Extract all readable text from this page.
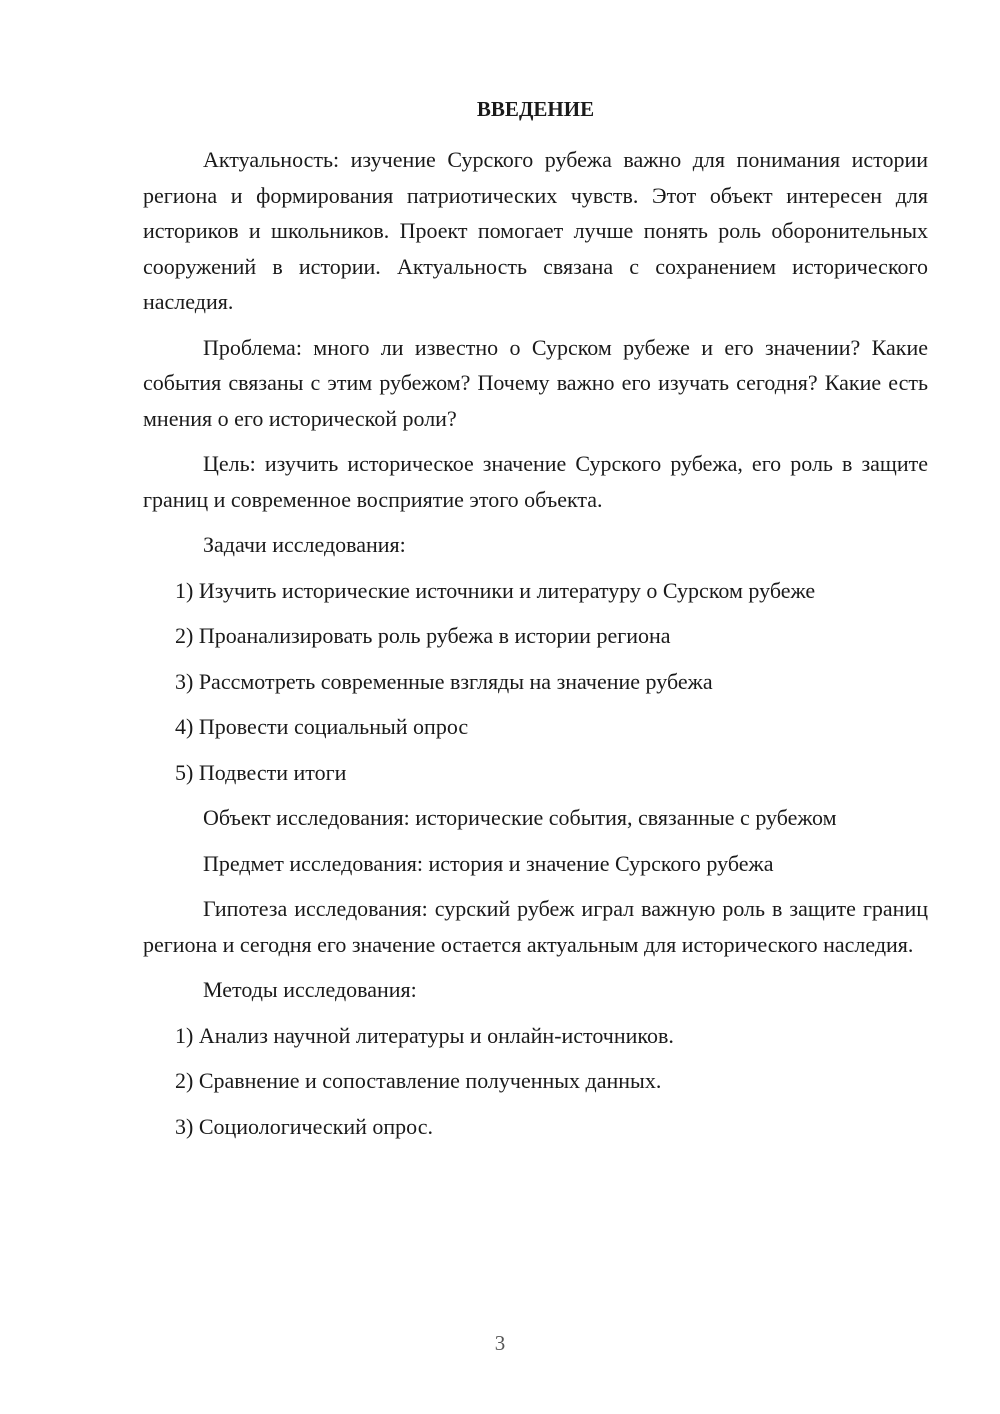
ВВЕДЕНИЕ

Актуальность: изучение Сурского рубежа важно для понимания истории региона и формирования патриотических чувств. Этот объект интересен для историков и школьников. Проект помогает лучше понять роль оборонительных сооружений в истории. Актуальность связана с сохранением исторического наследия.

Проблема: много ли известно о Сурском рубеже и его значении? Какие события связаны с этим рубежом? Почему важно его изучать сегодня? Какие есть мнения о его исторической роли?

Цель: изучить историческое значение Сурского рубежа, его роль в защите границ и современное восприятие этого объекта.

Задачи исследования:

1) Изучить исторические источники и литературу о Сурском рубеже

2) Проанализировать роль рубежа в истории региона

3) Рассмотреть современные взгляды на значение рубежа

4) Провести социальный опрос

5) Подвести итоги

Объект исследования: исторические события, связанные с рубежом

Предмет исследования: история и значение Сурского рубежа

Гипотеза исследования: сурский рубеж играл важную роль в защите границ региона и сегодня его значение остается актуальным для исторического наследия.

Методы исследования:

1) Анализ научной литературы и онлайн-источников.

2) Сравнение и сопоставление полученных данных.

3) Социологический опрос.

3
